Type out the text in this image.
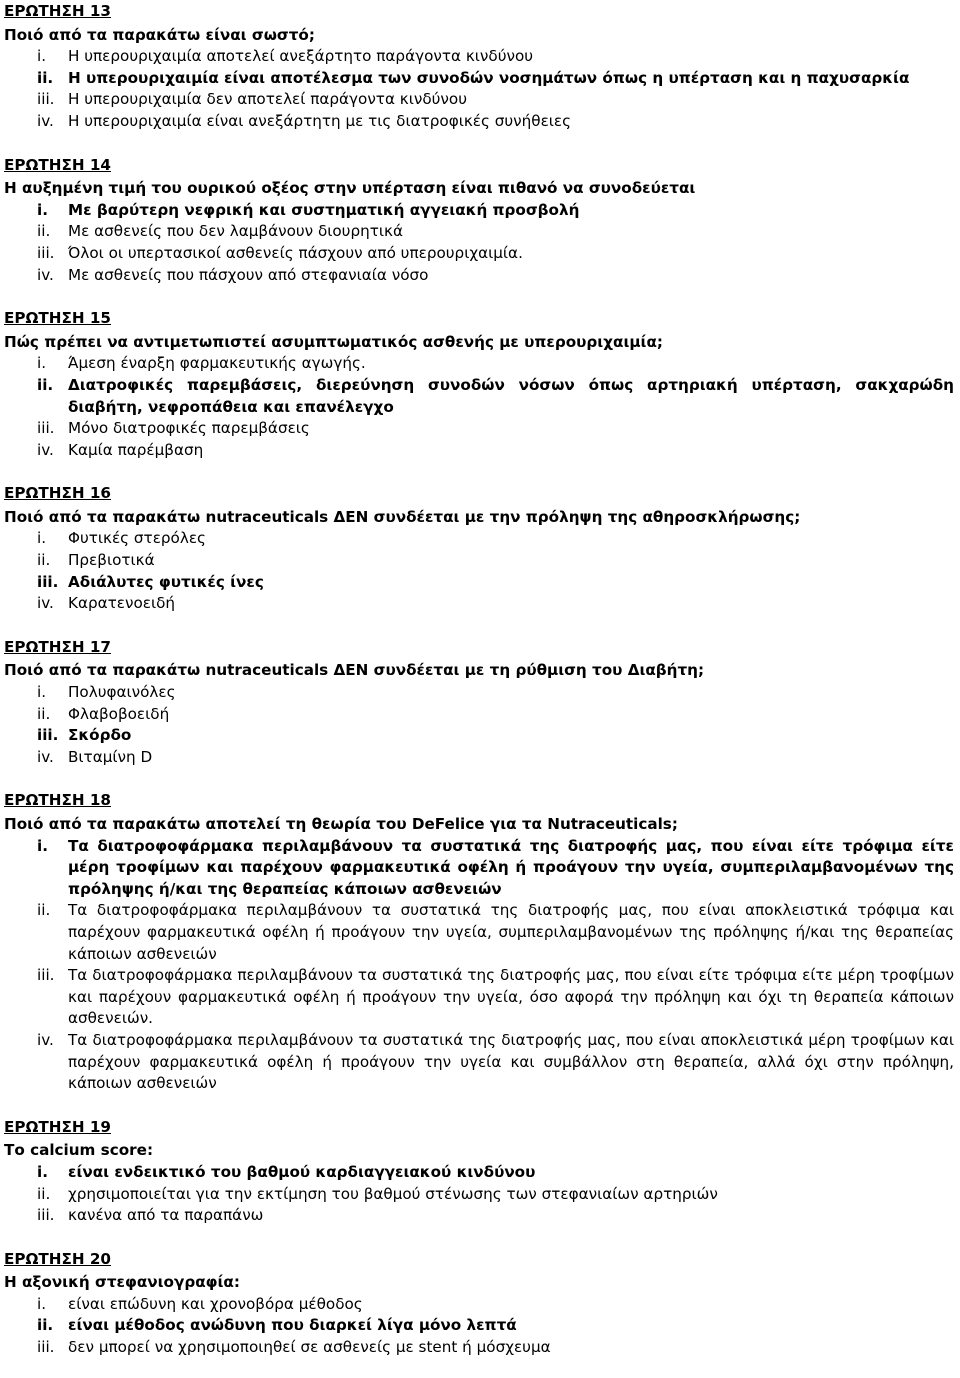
ΕΡΩΤΗΣΗ 13
Ποιό από τα παρακάτω είναι σωστό;
i.	Η υπερουριχαιμία αποτελεί ανεξάρτητο παράγοντα κινδύνου
ii. Η υπερουριχαιμία είναι αποτέλεσμα των συνοδών νοσημάτων όπως η υπέρταση και η παχυσαρκία
iii. Η υπερουριχαιμία δεν αποτελεί παράγοντα κινδύνου
iv. Η υπερουριχαιμία είναι ανεξάρτητη με τις διατροφικές συνήθειες
ΕΡΩΤΗΣΗ 14
Η αυξημένη τιμή του ουρικού οξέος στην υπέρταση είναι πιθανό να συνοδεύεται
i.	Με βαρύτερη νεφρική και συστηματική αγγειακή προσβολή
ii.	Με ασθενείς που δεν λαμβάνουν διουρητικά
iii. Όλοι οι υπερτασικοί ασθενείς πάσχουν από υπερουριχαιμία.
iv. Με ασθενείς που πάσχουν από στεφανιαία νόσο
ΕΡΩΤΗΣΗ 15
Πώς πρέπει να αντιμετωπιστεί ασυμπτωματικός ασθενής με υπερουριχαιμία;
i.	Άμεση έναρξη φαρμακευτικής αγωγής.
ii. Διατροφικές παρεμβάσεις, διερεύνηση συνοδών νόσων όπως αρτηριακή υπέρταση, σακχαρώδη διαβήτη, νεφροπάθεια και επανέλεγχο
iii. Μόνο διατροφικές παρεμβάσεις
iv. Καμία παρέμβαση
ΕΡΩΤΗΣΗ 16
Ποιό από τα παρακάτω nutraceuticals ΔΕΝ συνδέεται με την πρόληψη της αθηροσκλήρωσης;
i.	Φυτικές στερόλες
ii.	Πρεβιοτικά
iii. Αδιάλυτες φυτικές ίνες
iv. Καρατενοειδή
ΕΡΩΤΗΣΗ 17
Ποιό από τα παρακάτω nutraceuticals ΔΕΝ συνδέεται με τη ρύθμιση του Διαβήτη;
i.	Πολυφαινόλες
ii.	Φλαβοβοειδή
iii. Σκόρδο
iv. Βιταμίνη D
ΕΡΩΤΗΣΗ 18
Ποιό από τα παρακάτω αποτελεί τη θεωρία του DeFelice για τα Nutraceuticals;
i.	Τα διατροφοφάρμακα περιλαμβάνουν τα συστατικά της διατροφής μας, που είναι είτε τρόφιμα είτε μέρη τροφίμων και παρέχουν φαρμακευτικά οφέλη ή προάγουν την υγεία, συμπεριλαμβανομένων της πρόληψης ή/και της θεραπείας κάποιων ασθενειών
ii.	Τα διατροφοφάρμακα περιλαμβάνουν τα συστατικά της διατροφής μας, που είναι αποκλειστικά τρόφιμα και παρέχουν φαρμακευτικά οφέλη ή προάγουν την υγεία, συμπεριλαμβανομένων της πρόληψης ή/και της θεραπείας κάποιων ασθενειών
iii. Τα διατροφοφάρμακα περιλαμβάνουν τα συστατικά της διατροφής μας, που είναι είτε τρόφιμα είτε μέρη τροφίμων και παρέχουν φαρμακευτικά οφέλη ή προάγουν την υγεία, όσο αφορά την πρόληψη και όχι τη θεραπεία κάποιων ασθενειών.
iv. Τα διατροφοφάρμακα περιλαμβάνουν τα συστατικά της διατροφής μας, που είναι αποκλειστικά μέρη τροφίμων και παρέχουν φαρμακευτικά οφέλη ή προάγουν την υγεία και συμβάλλον στη θεραπεία, αλλά όχι στην πρόληψη, κάποιων ασθενειών
ΕΡΩΤΗΣΗ 19
Το calcium score:
i.	είναι ενδεικτικό του βαθμού καρδιαγγειακού κινδύνου
ii.	χρησιμοποιείται για την εκτίμηση του βαθμού στένωσης των στεφανιαίων αρτηριών
iii. κανένα από τα παραπάνω
ΕΡΩΤΗΣΗ 20
Η αξονική στεφανιογραφία:
i.	είναι επώδυνη και χρονοβόρα μέθοδος
ii. είναι μέθοδος ανώδυνη που διαρκεί λίγα μόνο λεπτά
iii. δεν μπορεί να χρησιμοποιηθεί σε ασθενείς με stent ή μόσχευμα
